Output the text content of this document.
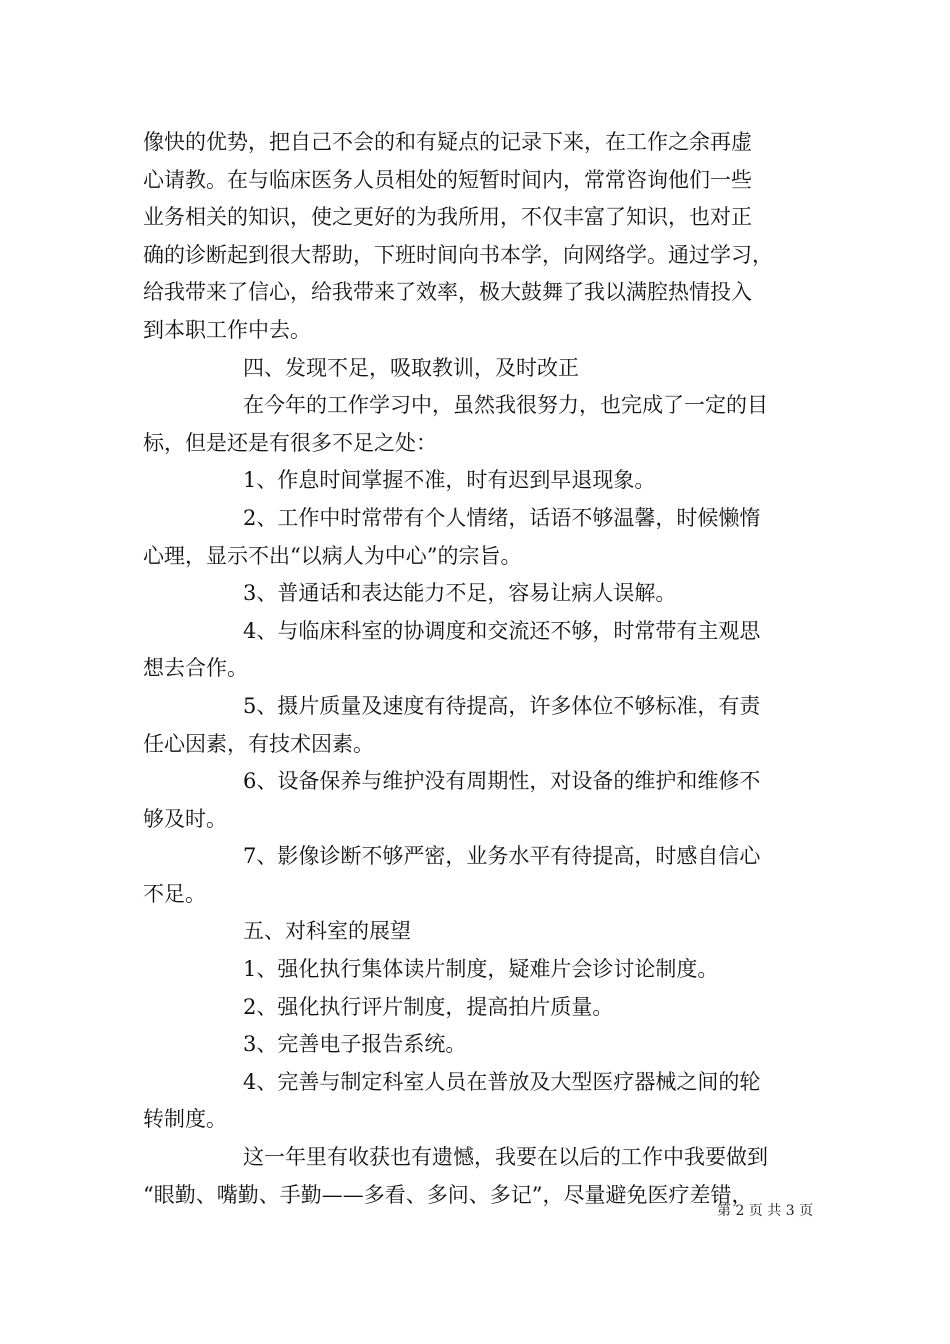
像快的优势，把自己不会的和有疑点的记录下来，在工作之余再虚
心请教。在与临床医务人员相处的短暂时间内，常常咨询他们一些
业务相关的知识，使之更好的为我所用，不仅丰富了知识，也对正
确的诊断起到很大帮助，下班时间向书本学，向网络学。通过学习，
给我带来了信心，给我带来了效率，极大鼓舞了我以满腔热情投入
到本职工作中去。
四、发现不足，吸取教训，及时改正
在今年的工作学习中，虽然我很努力，也完成了一定的目
标，但是还是有很多不足之处：
1、作息时间掌握不准，时有迟到早退现象。
2、工作中时常带有个人情绪，话语不够温馨，时候懒惰
心理，显示不出“以病人为中心”的宗旨。
3、普通话和表达能力不足，容易让病人误解。
4、与临床科室的协调度和交流还不够，时常带有主观思
想去合作。
5、摄片质量及速度有待提高，许多体位不够标准，有责
任心因素，有技术因素。
6、设备保养与维护没有周期性，对设备的维护和维修不
够及时。
7、影像诊断不够严密，业务水平有待提高，时感自信心
不足。
五、对科室的展望
1、强化执行集体读片制度，疑难片会诊讨论制度。
2、强化执行评片制度，提高拍片质量。
3、完善电子报告系统。
4、完善与制定科室人员在普放及大型医疗器械之间的轮
转制度。
这一年里有收获也有遗憾，我要在以后的工作中我要做到
“眼勤、嘴勤、手勤——多看、多问、多记”，尽量避免医疗差错，
第 2 页 共 3 页
